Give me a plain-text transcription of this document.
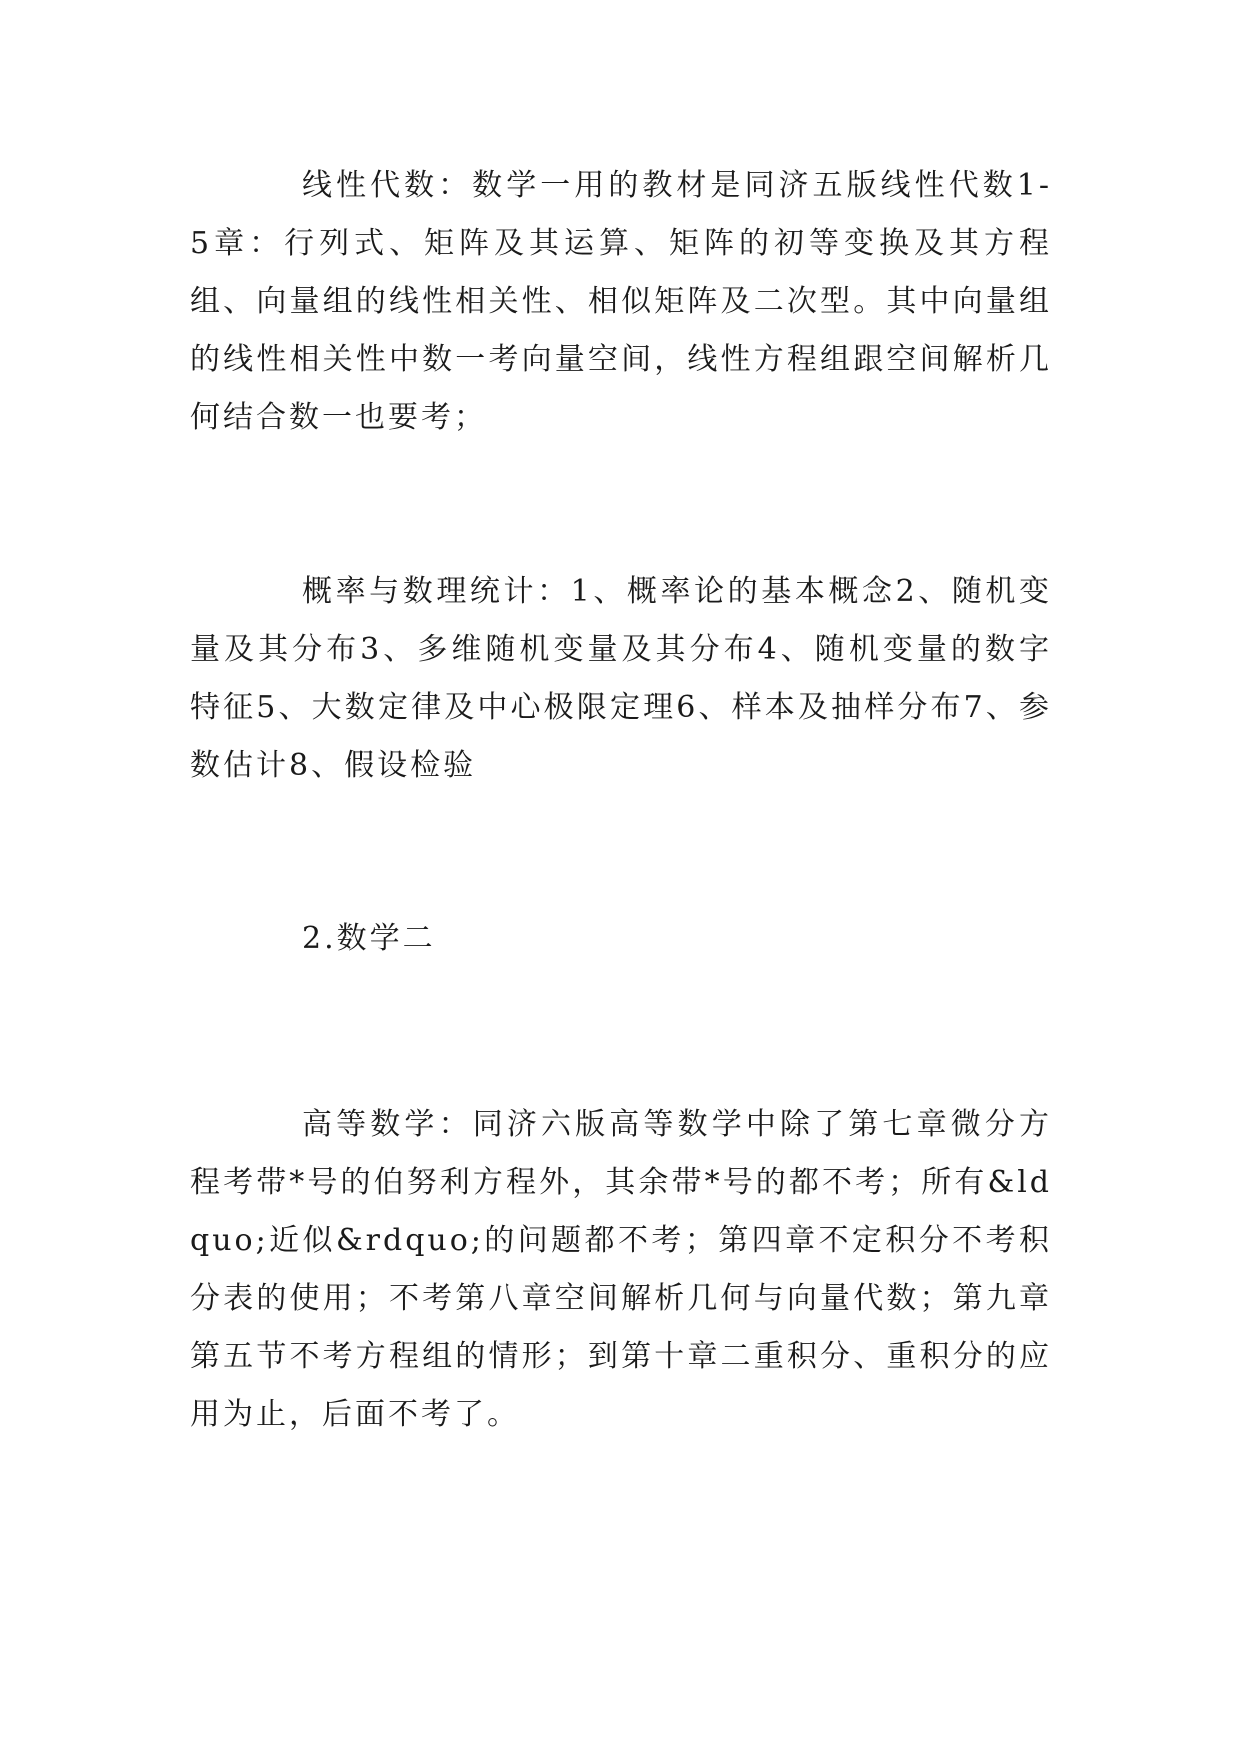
线性代数：数学一用的教材是同济五版线性代数1-5章：行列式、矩阵及其运算、矩阵的初等变换及其方程组、向量组的线性相关性、相似矩阵及二次型。其中向量组的线性相关性中数一考向量空间，线性方程组跟空间解析几何结合数一也要考；

概率与数理统计：1、概率论的基本概念2、随机变量及其分布3、多维随机变量及其分布4、随机变量的数字特征5、大数定律及中心极限定理6、样本及抽样分布7、参数估计8、假设检验

2.数学二

高等数学：同济六版高等数学中除了第七章微分方程考带*号的伯努利方程外，其余带*号的都不考；所有&ldquo;近似&rdquo;的问题都不考；第四章不定积分不考积分表的使用；不考第八章空间解析几何与向量代数；第九章第五节不考方程组的情形；到第十章二重积分、重积分的应用为止，后面不考了。
